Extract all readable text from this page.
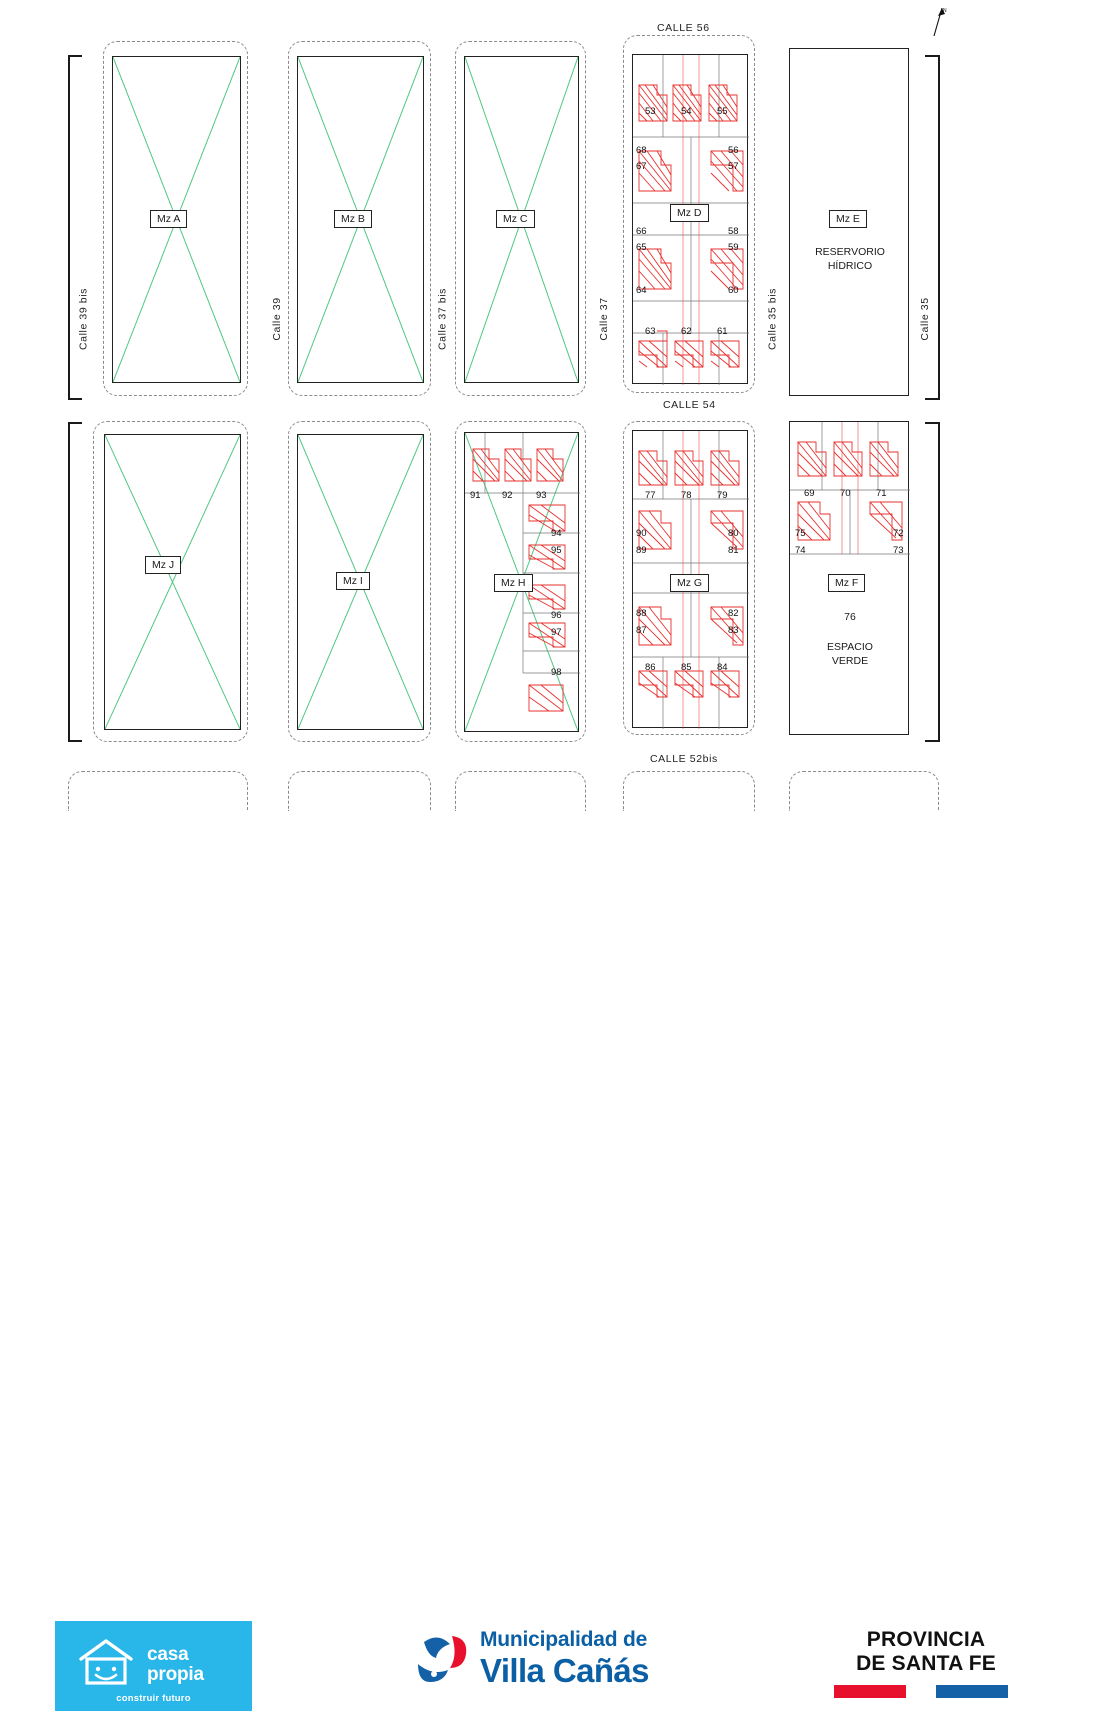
N
CALLE 56
CALLE 54
CALLE 52bis
Calle 39 bis	Calle 39	Calle 37 bis	Calle 37	Calle 35 bis	Calle 35
Mz A	Mz B	Mz C	Mz D
53	54	55
68
67
56
57
66
65
58
59
64	60
63	62	61
Mz E
RESERVORIO
HÍDRICO
Mz J
Mz I	Mz H
91 92 93
94
95
96
97
98
Mz G
77	78	79
90
89
80
81
88
87
82
83
86	85	84
Mz F
69	70	71
75
74
72
73
76
ESPACIO
VERDE
casa
propia
construir futuro
Municipalidad de
Villa Cañás
PROVINCIA
DE SANTA FE
